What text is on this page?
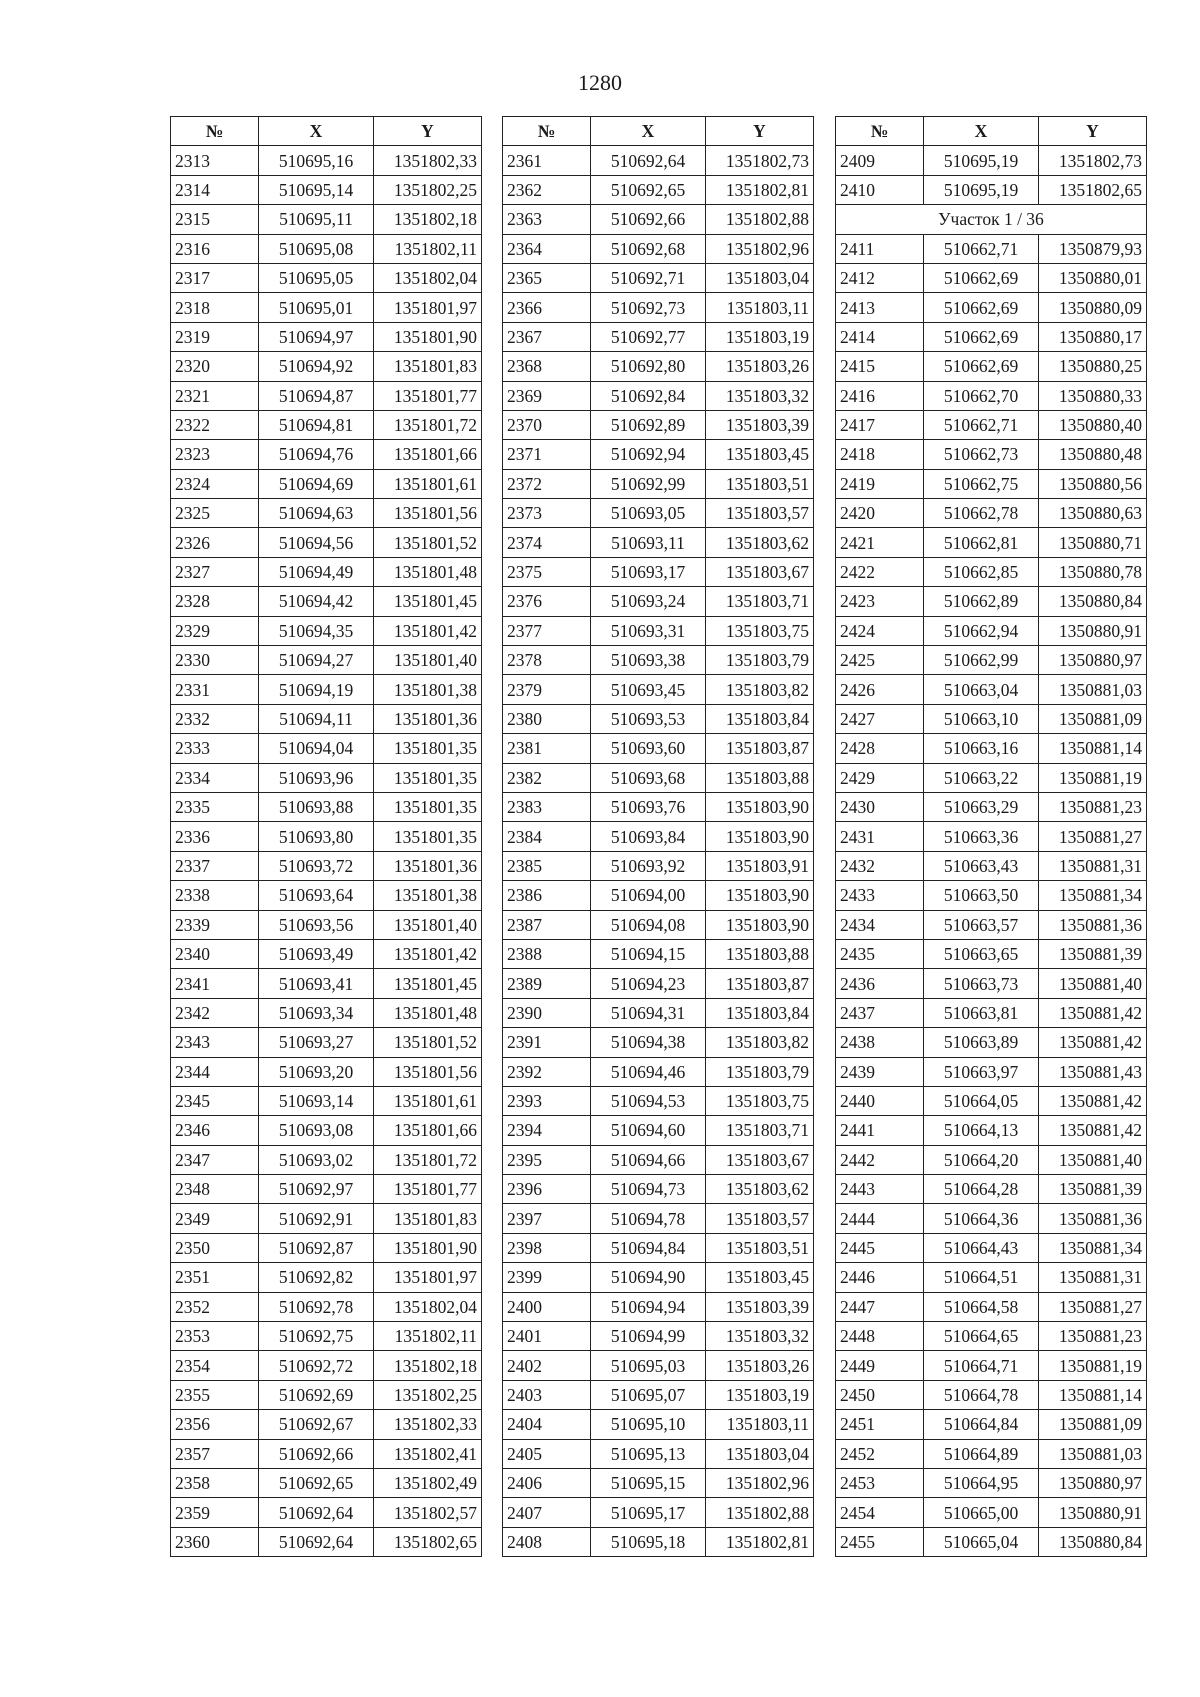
1280
№	X	Y
2313	510695,16	1351802,33
2314	510695,14	1351802,25
2315	510695,11	1351802,18
2316	510695,08	1351802,11
2317	510695,05	1351802,04
2318	510695,01	1351801,97
2319	510694,97	1351801,90
2320	510694,92	1351801,83
2321	510694,87	1351801,77
2322	510694,81	1351801,72
2323	510694,76	1351801,66
2324	510694,69	1351801,61
2325	510694,63	1351801,56
2326	510694,56	1351801,52
2327	510694,49	1351801,48
2328	510694,42	1351801,45
2329	510694,35	1351801,42
2330	510694,27	1351801,40
2331	510694,19	1351801,38
2332	510694,11	1351801,36
2333	510694,04	1351801,35
2334	510693,96	1351801,35
2335	510693,88	1351801,35
2336	510693,80	1351801,35
2337	510693,72	1351801,36
2338	510693,64	1351801,38
2339	510693,56	1351801,40
2340	510693,49	1351801,42
2341	510693,41	1351801,45
2342	510693,34	1351801,48
2343	510693,27	1351801,52
2344	510693,20	1351801,56
2345	510693,14	1351801,61
2346	510693,08	1351801,66
2347	510693,02	1351801,72
2348	510692,97	1351801,77
2349	510692,91	1351801,83
2350	510692,87	1351801,90
2351	510692,82	1351801,97
2352	510692,78	1351802,04
2353	510692,75	1351802,11
2354	510692,72	1351802,18
2355	510692,69	1351802,25
2356	510692,67	1351802,33
2357	510692,66	1351802,41
2358	510692,65	1351802,49
2359	510692,64	1351802,57
2360	510692,64	1351802,65
№	X	Y
2361	510692,64	1351802,73
2362	510692,65	1351802,81
2363	510692,66	1351802,88
2364	510692,68	1351802,96
2365	510692,71	1351803,04
2366	510692,73	1351803,11
2367	510692,77	1351803,19
2368	510692,80	1351803,26
2369	510692,84	1351803,32
2370	510692,89	1351803,39
2371	510692,94	1351803,45
2372	510692,99	1351803,51
2373	510693,05	1351803,57
2374	510693,11	1351803,62
2375	510693,17	1351803,67
2376	510693,24	1351803,71
2377	510693,31	1351803,75
2378	510693,38	1351803,79
2379	510693,45	1351803,82
2380	510693,53	1351803,84
2381	510693,60	1351803,87
2382	510693,68	1351803,88
2383	510693,76	1351803,90
2384	510693,84	1351803,90
2385	510693,92	1351803,91
2386	510694,00	1351803,90
2387	510694,08	1351803,90
2388	510694,15	1351803,88
2389	510694,23	1351803,87
2390	510694,31	1351803,84
2391	510694,38	1351803,82
2392	510694,46	1351803,79
2393	510694,53	1351803,75
2394	510694,60	1351803,71
2395	510694,66	1351803,67
2396	510694,73	1351803,62
2397	510694,78	1351803,57
2398	510694,84	1351803,51
2399	510694,90	1351803,45
2400	510694,94	1351803,39
2401	510694,99	1351803,32
2402	510695,03	1351803,26
2403	510695,07	1351803,19
2404	510695,10	1351803,11
2405	510695,13	1351803,04
2406	510695,15	1351802,96
2407	510695,17	1351802,88
2408	510695,18	1351802,81
№	X	Y
2409	510695,19	1351802,73
2410	510695,19	1351802,65
Участок 1 / 36		
2411	510662,71	1350879,93
2412	510662,69	1350880,01
2413	510662,69	1350880,09
2414	510662,69	1350880,17
2415	510662,69	1350880,25
2416	510662,70	1350880,33
2417	510662,71	1350880,40
2418	510662,73	1350880,48
2419	510662,75	1350880,56
2420	510662,78	1350880,63
2421	510662,81	1350880,71
2422	510662,85	1350880,78
2423	510662,89	1350880,84
2424	510662,94	1350880,91
2425	510662,99	1350880,97
2426	510663,04	1350881,03
2427	510663,10	1350881,09
2428	510663,16	1350881,14
2429	510663,22	1350881,19
2430	510663,29	1350881,23
2431	510663,36	1350881,27
2432	510663,43	1350881,31
2433	510663,50	1350881,34
2434	510663,57	1350881,36
2435	510663,65	1350881,39
2436	510663,73	1350881,40
2437	510663,81	1350881,42
2438	510663,89	1350881,42
2439	510663,97	1350881,43
2440	510664,05	1350881,42
2441	510664,13	1350881,42
2442	510664,20	1350881,40
2443	510664,28	1350881,39
2444	510664,36	1350881,36
2445	510664,43	1350881,34
2446	510664,51	1350881,31
2447	510664,58	1350881,27
2448	510664,65	1350881,23
2449	510664,71	1350881,19
2450	510664,78	1350881,14
2451	510664,84	1350881,09
2452	510664,89	1350881,03
2453	510664,95	1350880,97
2454	510665,00	1350880,91
2455	510665,04	1350880,84
